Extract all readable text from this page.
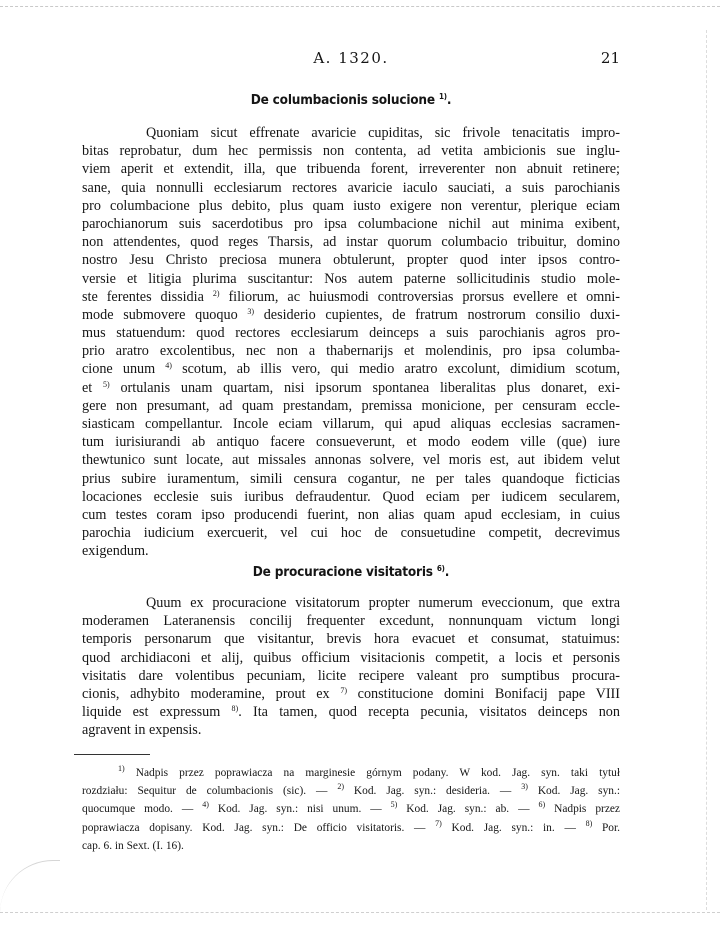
A. 1320.	21
De columbacionis solucione $^{1)}$.
Quoniam sicut effrenate avaricie cupiditas, sic frivole tenacitatis impro-
bitas reprobatur, dum hec permissis non contenta, ad vetita ambicionis sue inglu-
viem aperit et extendit, illa, que tribuenda forent, irreverenter non abnuit retinere;
sane, quia nonnulli ecclesiarum rectores avaricie iaculo sauciati, a suis parochianis
pro columbacione plus debito, plus quam iusto exigere non verentur, plerique eciam
parochianorum suis sacerdotibus pro ipsa columbacione nichil aut minima exibent,
non attendentes, quod reges Tharsis, ad instar quorum columbacio tribuitur, domino
nostro Jesu Christo preciosa munera obtulerunt, propter quod inter ipsos contro-
versie et litigia plurima suscitantur: Nos autem paterne sollicitudinis studio mole-
ste ferentes dissidia $^{2)}$ filiorum, ac huiusmodi controversias prorsus evellere et omni-
mode submovere quoquo $^{3)}$ desiderio cupientes, de fratrum nostrorum consilio duxi-
mus statuendum: quod rectores ecclesiarum deinceps a suis parochianis agros pro-
prio aratro excolentibus, nec non a thabernarijs et molendinis, pro ipsa columba-
cione unum $^{4)}$ scotum, ab illis vero, qui medio aratro excolunt, dimidium scotum,
et $^{5)}$ ortulanis unam quartam, nisi ipsorum spontanea liberalitas plus donaret, exi-
gere non presumant, ad quam prestandam, premissa monicione, per censuram eccle-
siasticam compellantur. Incole eciam villarum, qui apud aliquas ecclesias sacramen-
tum iurisiurandi ab antiquo facere consueverunt, et modo eodem ville (que) iure
thewtunico sunt locate, aut missales annonas solvere, vel moris est, aut ibidem velut
prius subire iuramentum, simili censura cogantur, ne per tales quandoque ficticias
locaciones ecclesie suis iuribus defraudentur. Quod eciam per iudicem secularem,
cum testes coram ipso producendi fuerint, non alias quam apud ecclesiam, in cuius
parochia iudicium exercuerit, vel cui hoc de consuetudine competit, decrevimus
exigendum.
De procuracione visitatoris $^{6)}$.
Quum ex procuracione visitatorum propter numerum eveccionum, que extra
moderamen Lateranensis concilij frequenter excedunt, nonnunquam victum longi
temporis personarum que visitantur, brevis hora evacuet et consumat, statuimus:
quod archidiaconi et alij, quibus officium visitacionis competit, a locis et personis
visitatis dare volentibus pecuniam, licite recipere valeant pro sumptibus procura-
cionis, adhybito moderamine, prout ex $^{7)}$ constitucione domini Bonifacij pape VIII
liquide est expressum $^{8)}$. Ita tamen, quod recepta pecunia, visitatos deinceps non
agravent in expensis.
$^{1)}$ Nadpis przez poprawiacza na marginesie górnym podany. W kod. Jag. syn. taki tytuł
rozdziału: Sequitur de columbacionis (sic). — $^{2)}$ Kod. Jag. syn.: desideria. — $^{3)}$ Kod. Jag. syn.:
quocumque modo. — $^{4)}$ Kod. Jag. syn.: nisi unum. — $^{5)}$ Kod. Jag. syn.: ab. — $^{6)}$ Nadpis przez
poprawiacza dopisany. Kod. Jag. syn.: De officio visitatoris. — $^{7)}$ Kod. Jag. syn.: in. — $^{8)}$ Por.
cap. 6. in Sext. (I. 16).
